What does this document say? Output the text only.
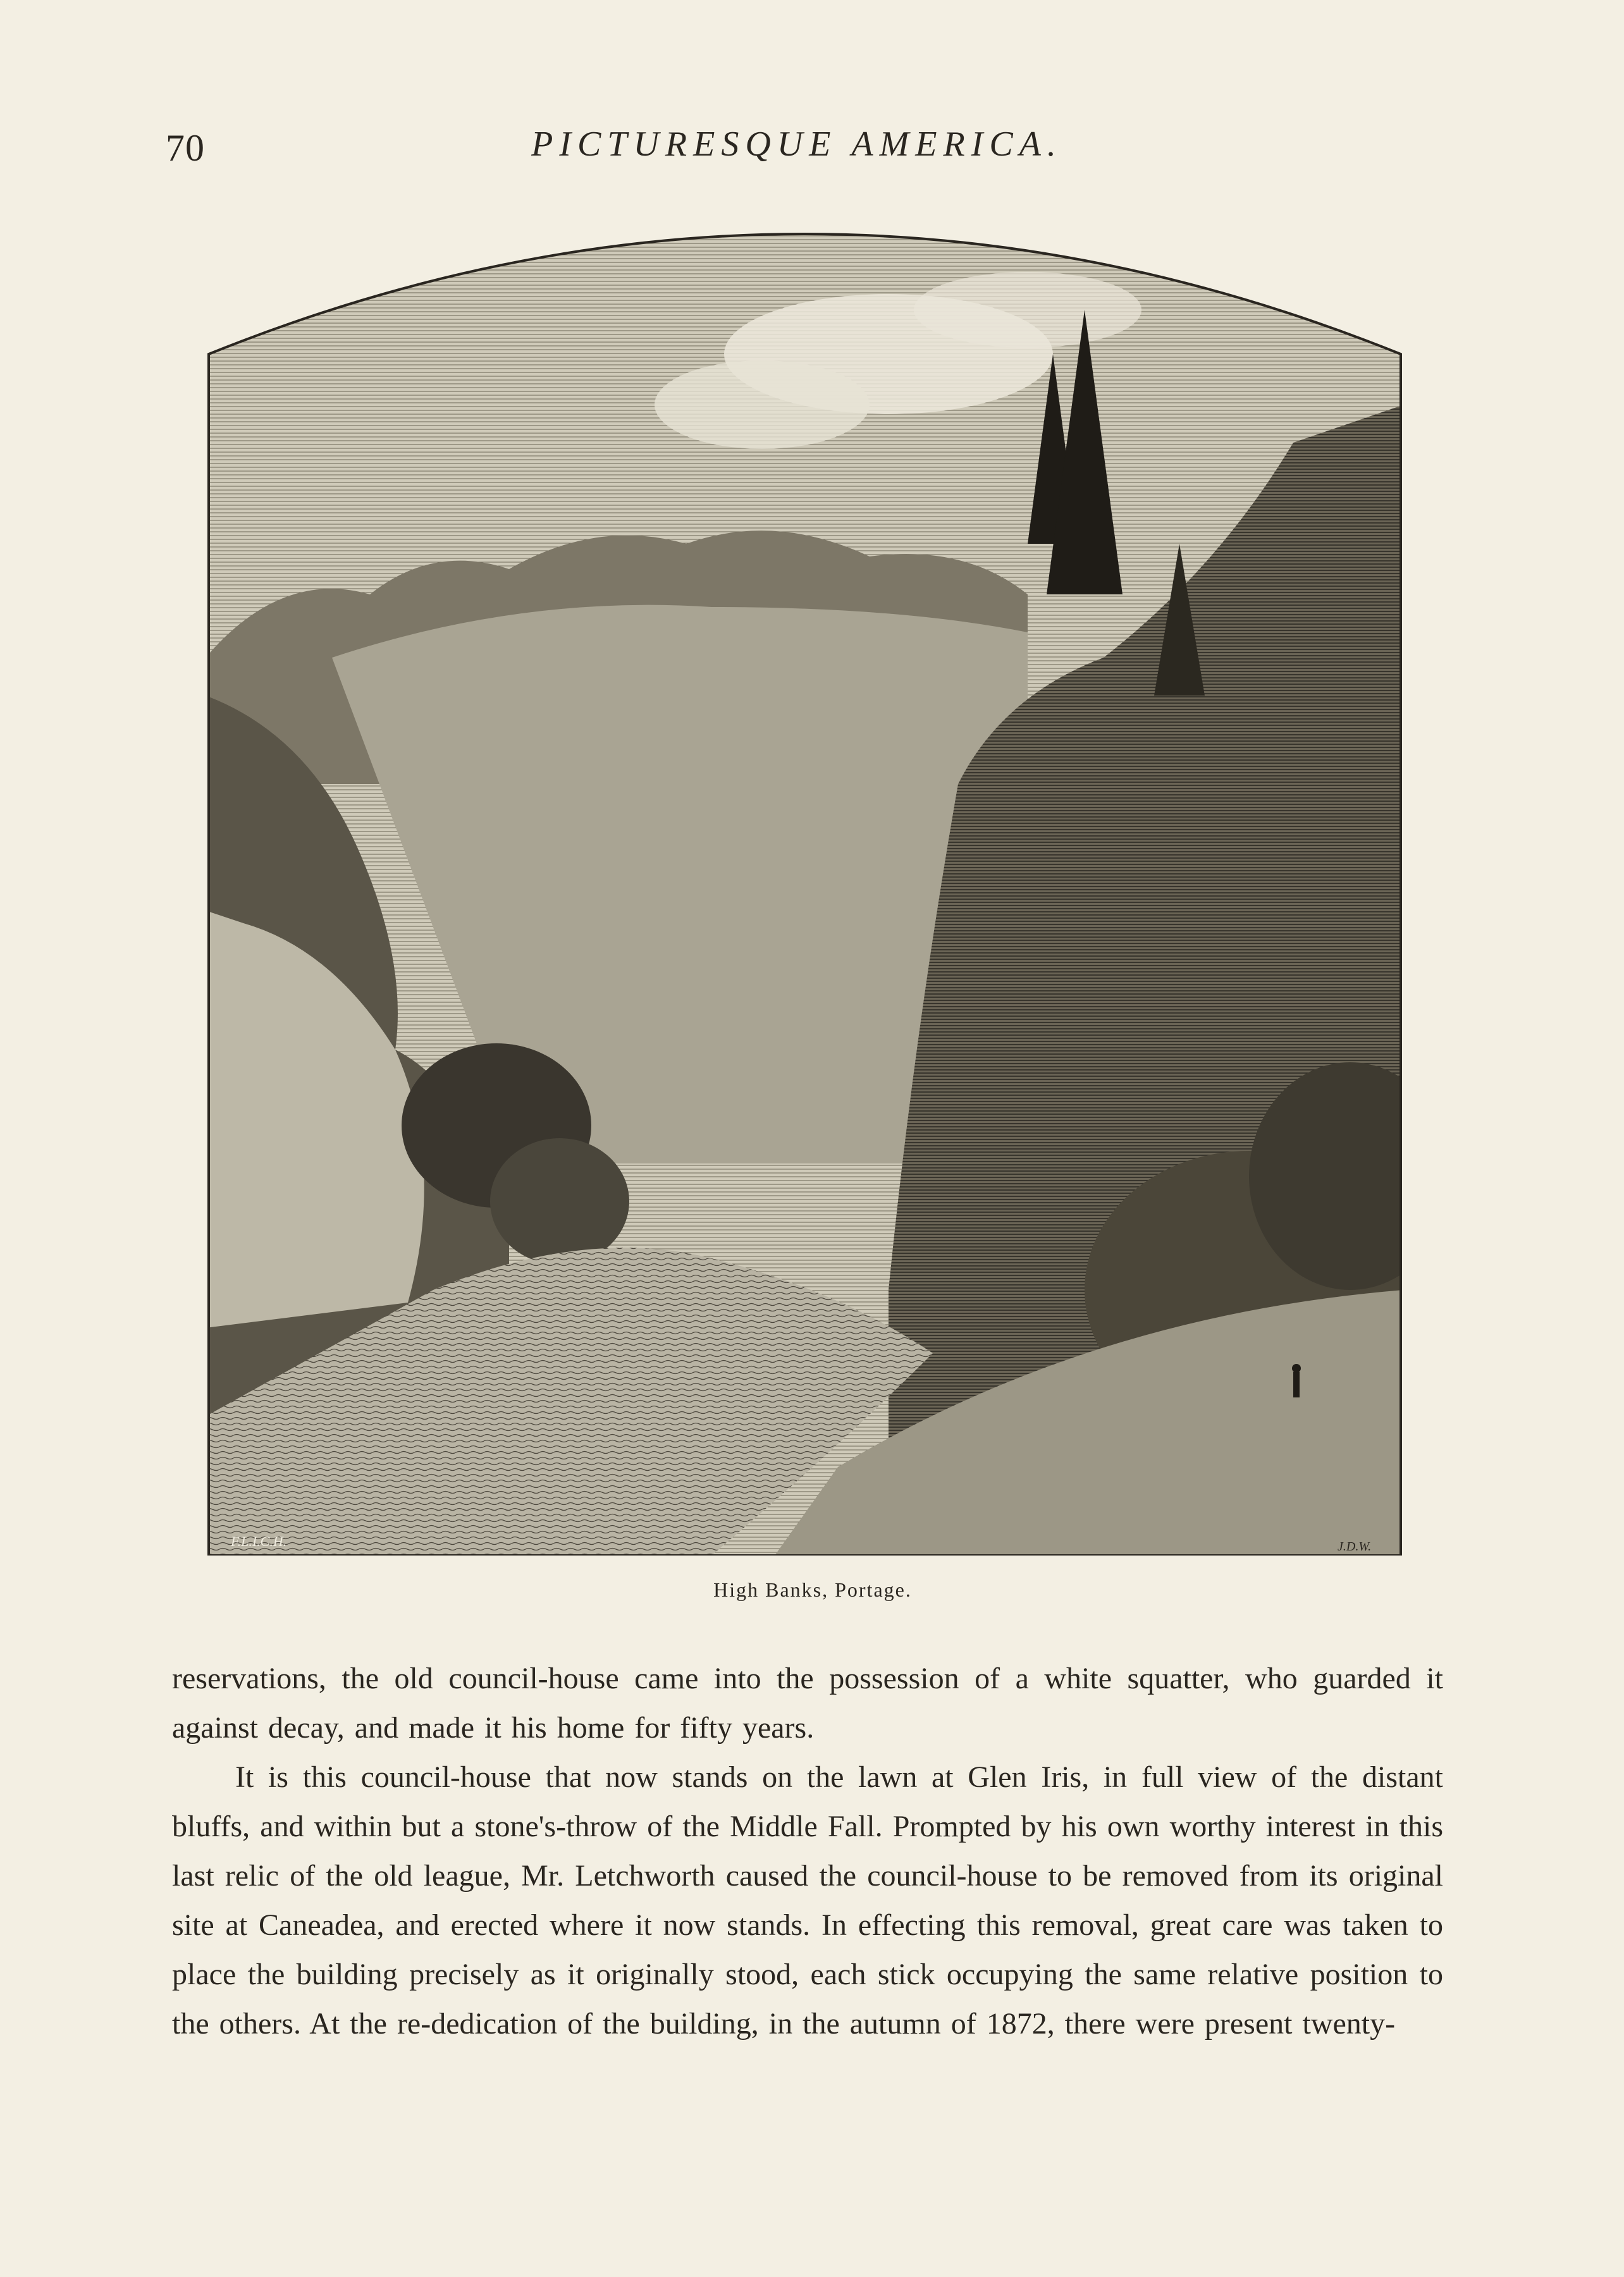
70	PICTURESQUE AMERICA.
F.L.I.C.H.	J.D.W.
High Banks, Portage.

reservations, the old council-house came into the possession of a white squatter, who guarded it against decay, and made it his home for fifty years.

It is this council-house that now stands on the lawn at Glen Iris, in full view of the distant bluffs, and within but a stone's-throw of the Middle Fall. Prompted by his own worthy interest in this last relic of the old league, Mr. Letchworth caused the council-house to be removed from its original site at Caneadea, and erected where it now stands. In effecting this removal, great care was taken to place the building precisely as it originally stood, each stick occupying the same relative position to the others. At the re-dedication of the building, in the autumn of 1872, there were present twenty-
